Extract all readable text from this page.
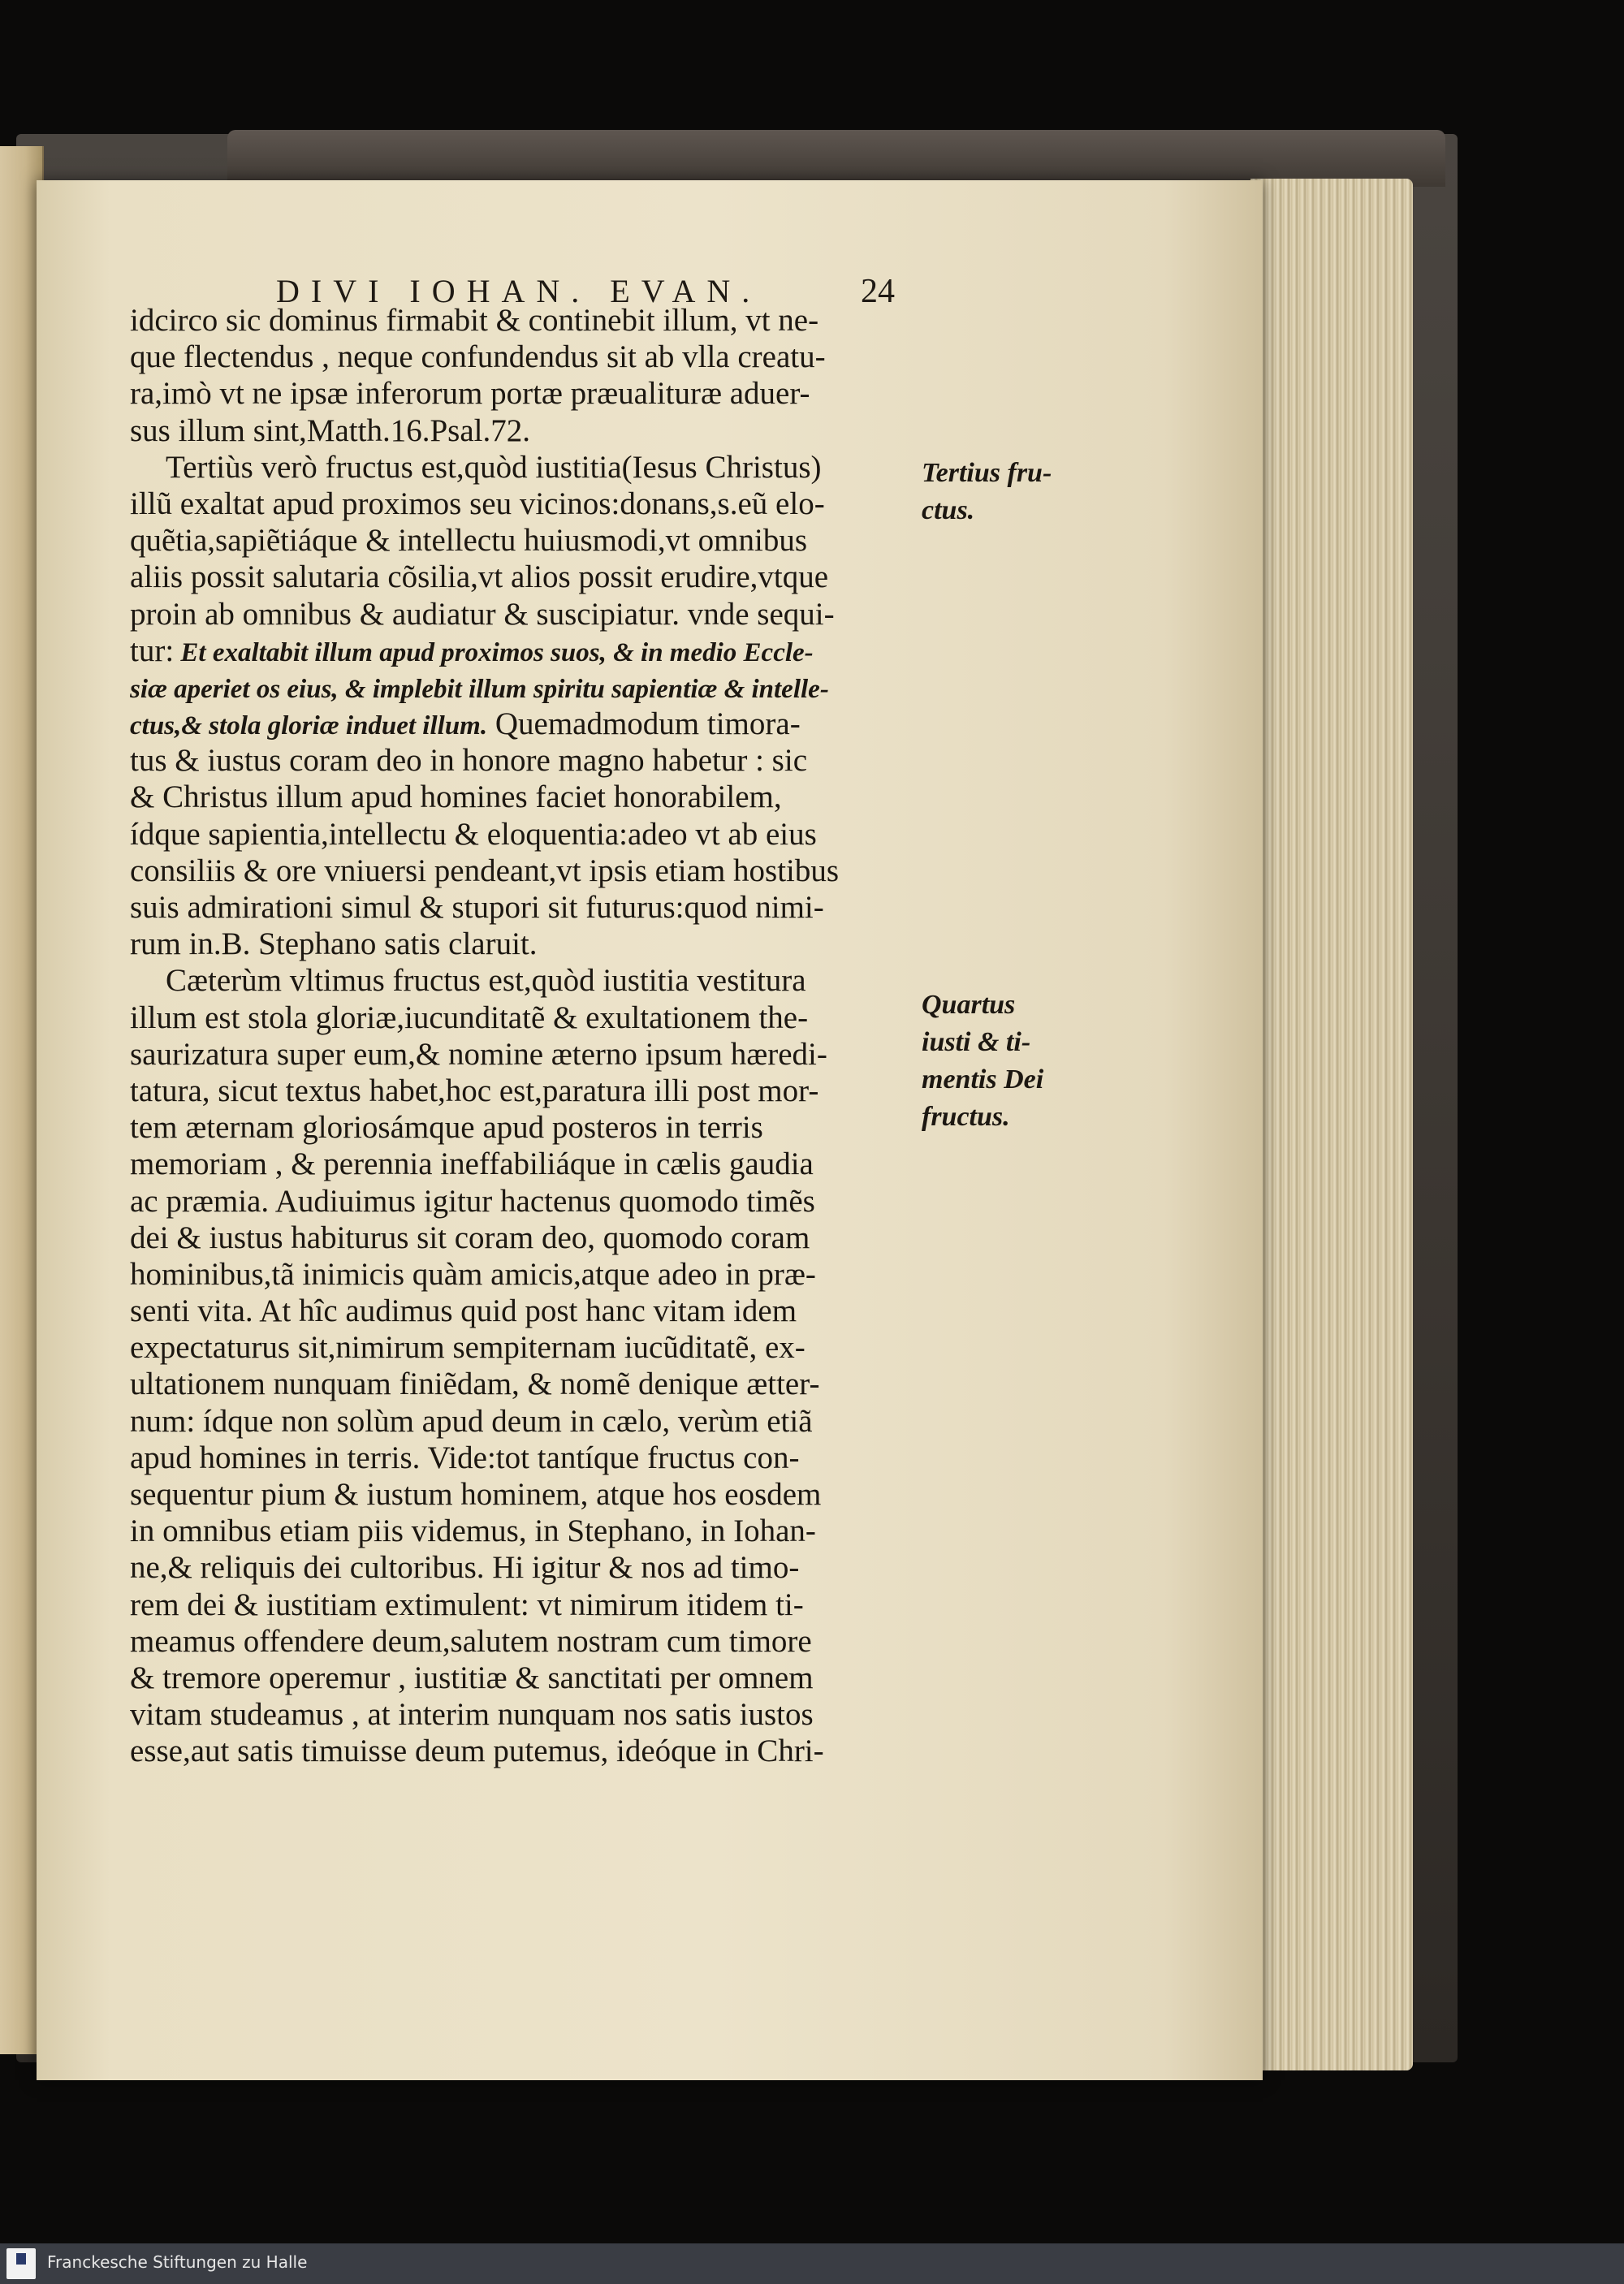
DIVI IOHAN. EVAN.	24
idcirco sic dominus firmabit & continebit illum, vt ne-
que flectendus , neque confundendus sit ab vlla creatu-
ra,imò vt ne ipsæ inferorum portæ præualituræ aduer-
sus illum sint,Matth.16.Psal.72.
Tertiùs verò fructus est,quòd iustitia(Iesus Christus)
illũ exaltat apud proximos seu vicinos:donans,s.eũ elo-
quẽtia,sapiẽtiáque & intellectu huiusmodi,vt omnibus
aliis possit salutaria cõsilia,vt alios possit erudire,vtque
proin ab omnibus & audiatur & suscipiatur. vnde sequi-
tur: Et exaltabit illum apud proximos suos, & in medio Eccle-
siæ aperiet os eius, & implebit illum spiritu sapientiæ & intelle-
ctus,& stola gloriæ induet illum. Quemadmodum timora-
tus & iustus coram deo in honore magno habetur : sic
& Christus illum apud homines faciet honorabilem,
ídque sapientia,intellectu & eloquentia:adeo vt ab eius
consiliis & ore vniuersi pendeant,vt ipsis etiam hostibus
suis admirationi simul & stupori sit futurus:quod nimi-
rum in.B. Stephano satis claruit.
Cæterùm vltimus fructus est,quòd iustitia vestitura
illum est stola gloriæ,iucunditatẽ & exultationem the-
saurizatura super eum,& nomine æterno ipsum hæredi-
tatura, sicut textus habet,hoc est,paratura illi post mor-
tem æternam gloriosámque apud posteros in terris
memoriam , & perennia ineffabiliáque in cælis gaudia
ac præmia. Audiuimus igitur hactenus quomodo timẽs
dei & iustus habiturus sit coram deo, quomodo coram
hominibus,tã inimicis quàm amicis,atque adeo in præ-
senti vita. At hîc audimus quid post hanc vitam idem
expectaturus sit,nimirum sempiternam iucũditatẽ, ex-
ultationem nunquam finiẽdam, & nomẽ denique ætter-
num: ídque non solùm apud deum in cælo, verùm etiã
apud homines in terris. Vide:tot tantíque fructus con-
sequentur pium & iustum hominem, atque hos eosdem
in omnibus etiam piis videmus, in Stephano, in Iohan-
ne,& reliquis dei cultoribus. Hi igitur & nos ad timo-
rem dei & iustitiam extimulent: vt nimirum itidem ti-
meamus offendere deum,salutem nostram cum timore
& tremore operemur , iustitiæ & sanctitati per omnem
vitam studeamus , at interim nunquam nos satis iustos
esse,aut satis timuisse deum putemus, ideóque in Chri-
Tertius fru-
ctus.
Quartus
iusti & ti-
mentis Dei
fructus.
Franckesche Stiftungen zu Halle
